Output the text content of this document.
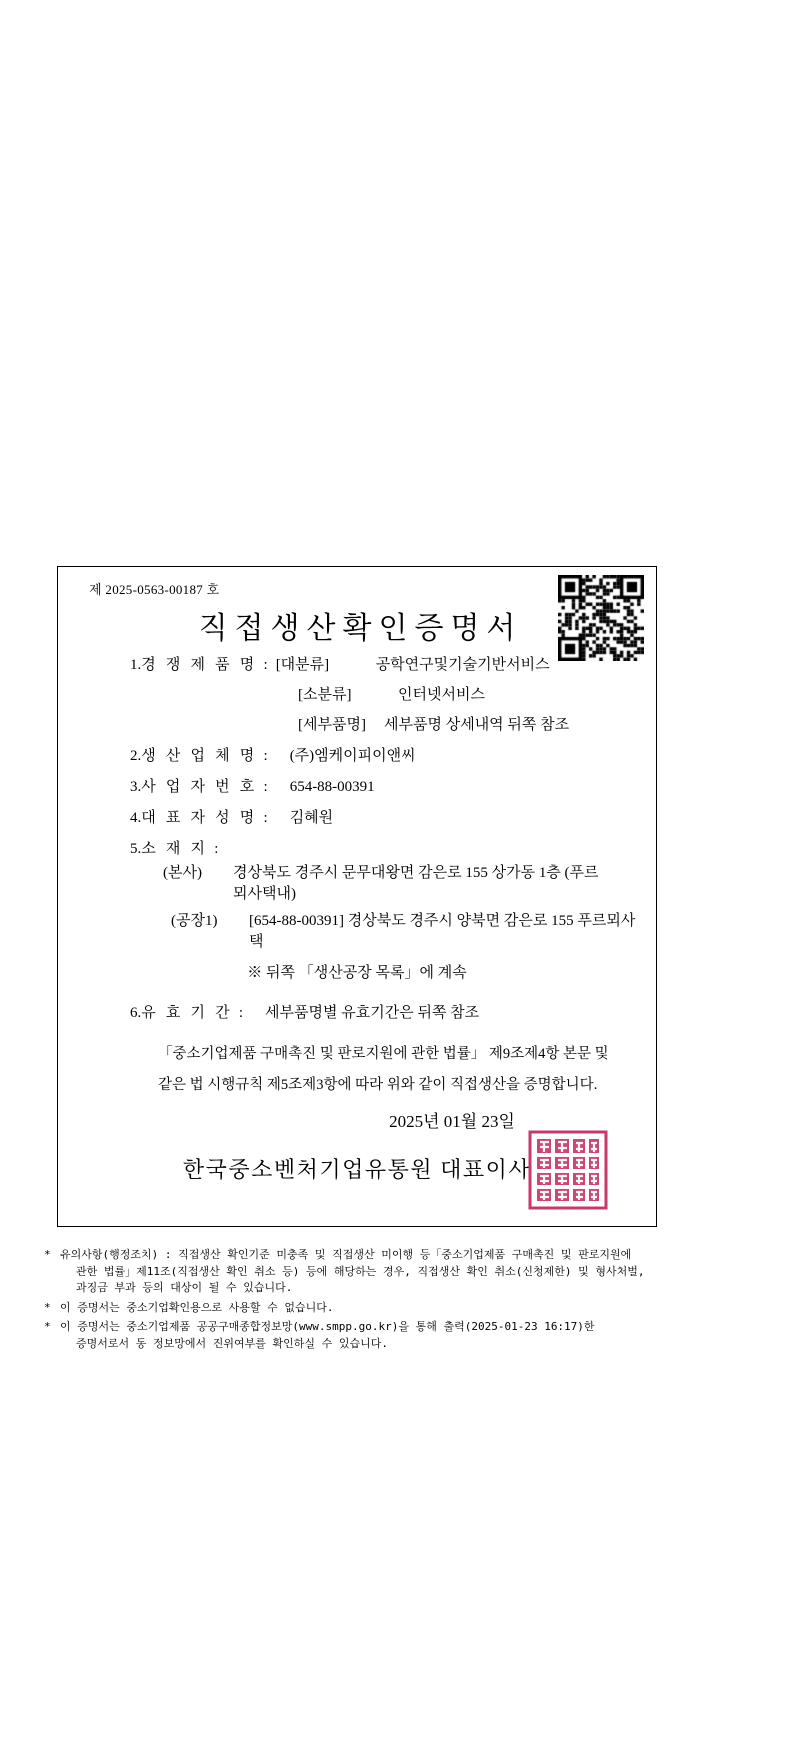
제 2025-0563-00187 호
직접생산확인증명서
1.경 쟁 제 품 명 : [대분류]	공학연구및기술기반서비스
[소분류]	인터넷서비스
[세부품명] 세부품명 상세내역 뒤쪽 참조
2.생 산 업 체 명 : (주)엠케이피이앤씨
3.사 업 자 번 호 : 654-88-00391
4.대 표 자 성 명 : 김혜원
5.소 재 지 :
(본사) 경상북도 경주시 문무대왕면 감은로 155 상가동 1층 (푸르뫼사택내)
(공장1) [654-88-00391] 경상북도 경주시 양북면 감은로 155 푸르뫼사택
※ 뒤쪽 「생산공장 목록」에 계속
6.유 효 기 간 : 세부품명별 유효기간은 뒤쪽 참조
「중소기업제품 구매촉진 및 판로지원에 관한 법률」 제9조제4항 본문 및
같은 법 시행규칙 제5조제3항에 따라 위와 같이 직접생산을 증명합니다.
2025년 01월 23일
한국중소벤처기업유통원 대표이사
* 유의사항(행정조치) : 직접생산 확인기준 미충족 및 직접생산 미이행 등「중소기업제품 구매촉진 및 판로지원에
관한 법률」제11조(직접생산 확인 취소 등) 등에 해당하는 경우, 직접생산 확인 취소(신청제한) 및 형사처벌,
과징금 부과 등의 대상이 될 수 있습니다.
* 이 증명서는 중소기업확인용으로 사용할 수 없습니다.
* 이 증명서는 중소기업제품 공공구매종합정보망(www.smpp.go.kr)을 통해 출력(2025-01-23 16:17)한
증명서로서 동 정보망에서 진위여부를 확인하실 수 있습니다.
